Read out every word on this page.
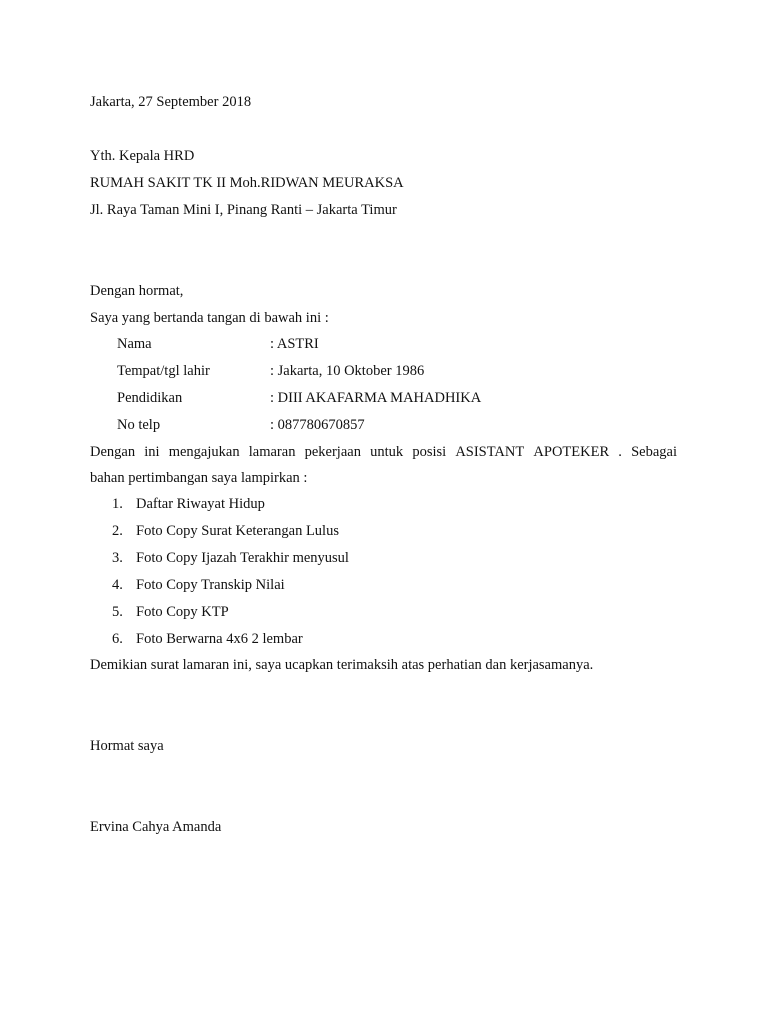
Jakarta, 27 September 2018
Yth. Kepala HRD
RUMAH SAKIT TK II Moh.RIDWAN MEURAKSA
Jl. Raya Taman Mini I, Pinang Ranti – Jakarta Timur
Dengan hormat,
Saya yang bertanda tangan di bawah ini :
Nama	: ASTRI
Tempat/tgl lahir	: Jakarta, 10 Oktober 1986
Pendidikan	: DIII AKAFARMA MAHADHIKA
No telp	: 087780670857
Dengan ini mengajukan lamaran pekerjaan untuk posisi ASISTANT APOTEKER . Sebagai
bahan pertimbangan saya lampirkan :
1. Daftar Riwayat Hidup
2. Foto Copy Surat Keterangan Lulus
3. Foto Copy Ijazah Terakhir menyusul
4. Foto Copy Transkip Nilai
5. Foto Copy KTP
6. Foto Berwarna 4x6 2 lembar
Demikian surat lamaran ini, saya ucapkan terimaksih atas perhatian dan kerjasamanya.
Hormat saya
Ervina Cahya Amanda
